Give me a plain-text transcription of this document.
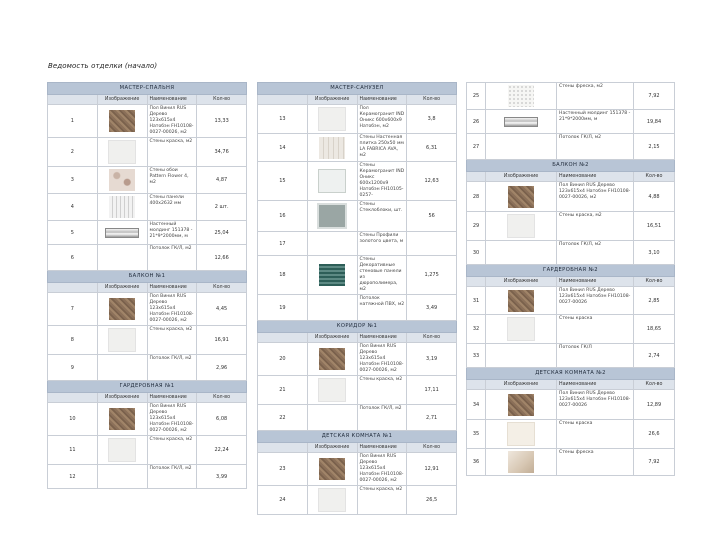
Ведомость отделки (начало)
МАСТЕР-СПАЛЬНЯ			
	Изображение	Наименование	Кол-во
1		Пол Винил RUS Дерево 123х615х4 Натобэн FH10108-0027-00026, м2	13,33
2		Стены краска, м2	34,76
3		Стены обои Pattern Flower 4, м2	4,87
4		Стены панели 400х2632 мм	2 шт.
5		Настенный молдинг 151378 - 21*9*2000мм, м	25,04
6		Потолок ГК/Л, м2	12,66
БАЛКОН №1			
	Изображение	Наименование	Кол-во
7		Пол Винил RUS Дерево 123х615х4 Натобэн FH10108-0027-00026, м2	4,45
8		Стены краска, м2	16,91
9		Потолок ГК/Л, м2	2,96
ГАРДЕРОБНАЯ №1			
	Изображение	Наименование	Кол-во
10		Пол Винил RUS Дерево 123х615х4 Натобэн FH10108-0027-00026, м2	6,08
11		Стены краска, м2	22,24
12		Потолок ГК/Л, м2	3,99
МАСТЕР-САНУЗЕЛ			
	Изображение	Наименование	Кол-во
13		Пол Керамогранит IND Оникс 600х600х9 Натобэн, м2	3,8
14		Стены Настенная плитка 250х50 мм LA FABRICA AVA, м2	6,31
15		Стены Керамогранит IND Оникс 600х1200х9 Натобэн FH10105-0257-	12,63
16		Стены Стеклоблоки, шт.	56
17		Стены Профили золотого цвета, м	
18		Стены Декоративные стеновые панели из дюрополимера, м2	1,275
19		Потолок натяжной ПВХ, м2	3,49
КОРИДОР №1			
	Изображение	Наименование	Кол-во
20		Пол Винил RUS Дерево 123х615х4 Натобэн FH10108-0027-00026, м2	3,19
21		Стены краска, м2	17,11
22		Потолок ГК/Л, м2	2,71
ДЕТСКАЯ КОМНАТА №1			
	Изображение	Наименование	Кол-во
23		Пол Винил RUS Дерево 123х615х4 Натобэн FH10108-0027-00026, м2	12,91
24		Стены краска, м2	26,5
25		Стены фреска, м2	7,92
26		Настенный молдинг 151378 - 21*9*2000мм, м	19,84
27		Потолок ГК/Л, м2	2,15
БАЛКОН №2			
	Изображение	Наименование	Кол-во
28		Пол Винил RUS Дерево 123х615х4 Натобэн FH10108-0027-00026, м2	4,88
29		Стены краска, м2	16,51
30		Потолок ГК/Л, м2	3,10
ГАРДЕРОБНАЯ №2			
	Изображение	Наименование	Кол-во
31		Пол Винил RUS Дерево 123х615х4 Натобэн FH10108-0027-00026	2,85
32		Стены краска	18,65
33		Потолок ГК/Л	2,74
ДЕТСКАЯ КОМНАТА №2			
	Изображение	Наименование	Кол-во
34		Пол Винил RUS Дерево 123х615х4 Натобэн FH10108-0027-00026	12,89
35		Стены краска	26,6
36		Стены фреска	7,92
